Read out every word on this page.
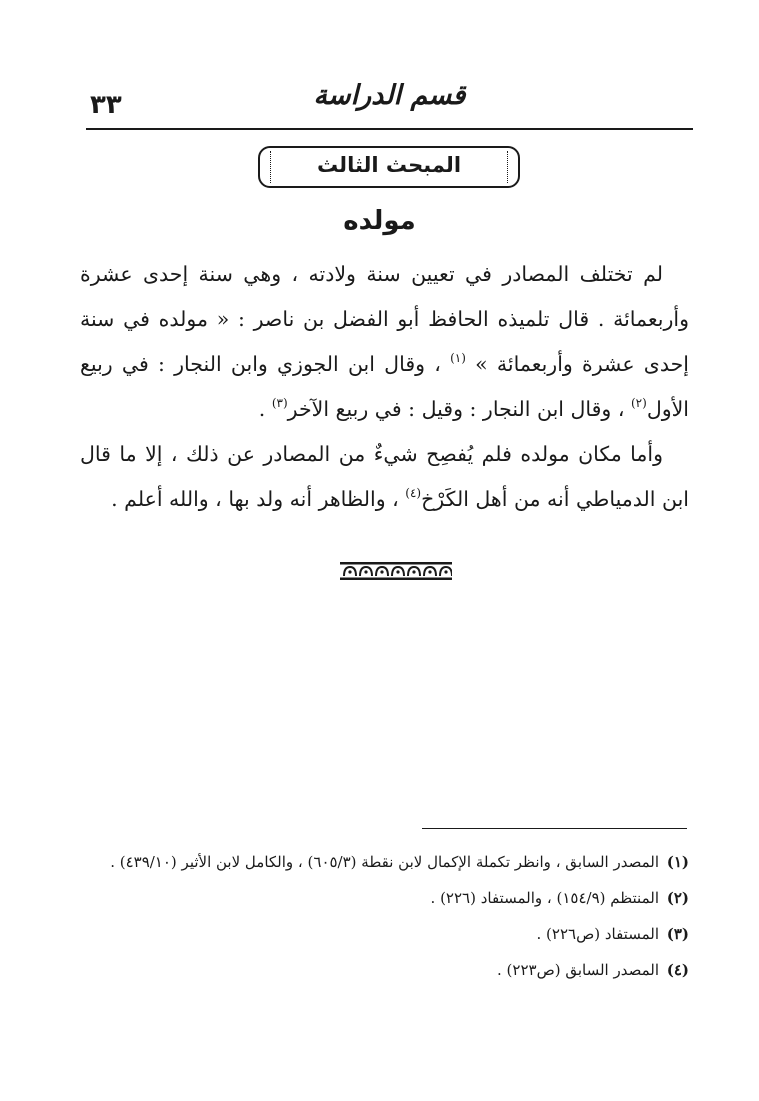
٣٣	قسم الدراسة
المبحث الثالث
مولده

لم تختلف المصادر في تعيين سنة ولادته ، وهي سنة إحدى عشرة وأربعمائة . قال تلميذه الحافظ أبو الفضل بن ناصر : « مولده في سنة إحدى عشرة وأربعمائة » $^{(١)}$ ، وقال ابن الجوزي وابن النجار : في ربيع الأول$^{(٢)}$ ، وقال ابن النجار : وقيل : في ربيع الآخر$^{(٣)}$ .

وأما مكان مولده فلم يُفصِح شيءٌ من المصادر عن ذلك ، إلا ما قال ابن الدمياطي أنه من أهل الكَرْخ$^{(٤)}$ ، والظاهر أنه ولد بها ، والله أعلم .

(١)المصدر السابق ، وانظر تكملة الإكمال لابن نقطة (٦٠٥/٣) ، والكامل لابن الأثير (٤٣٩/١٠) .

(٢)المنتظم (١٥٤/٩) ، والمستفاد (٢٢٦) .

(٣)المستفاد (ص٢٢٦) .

(٤)المصدر السابق (ص٢٢٣) .
